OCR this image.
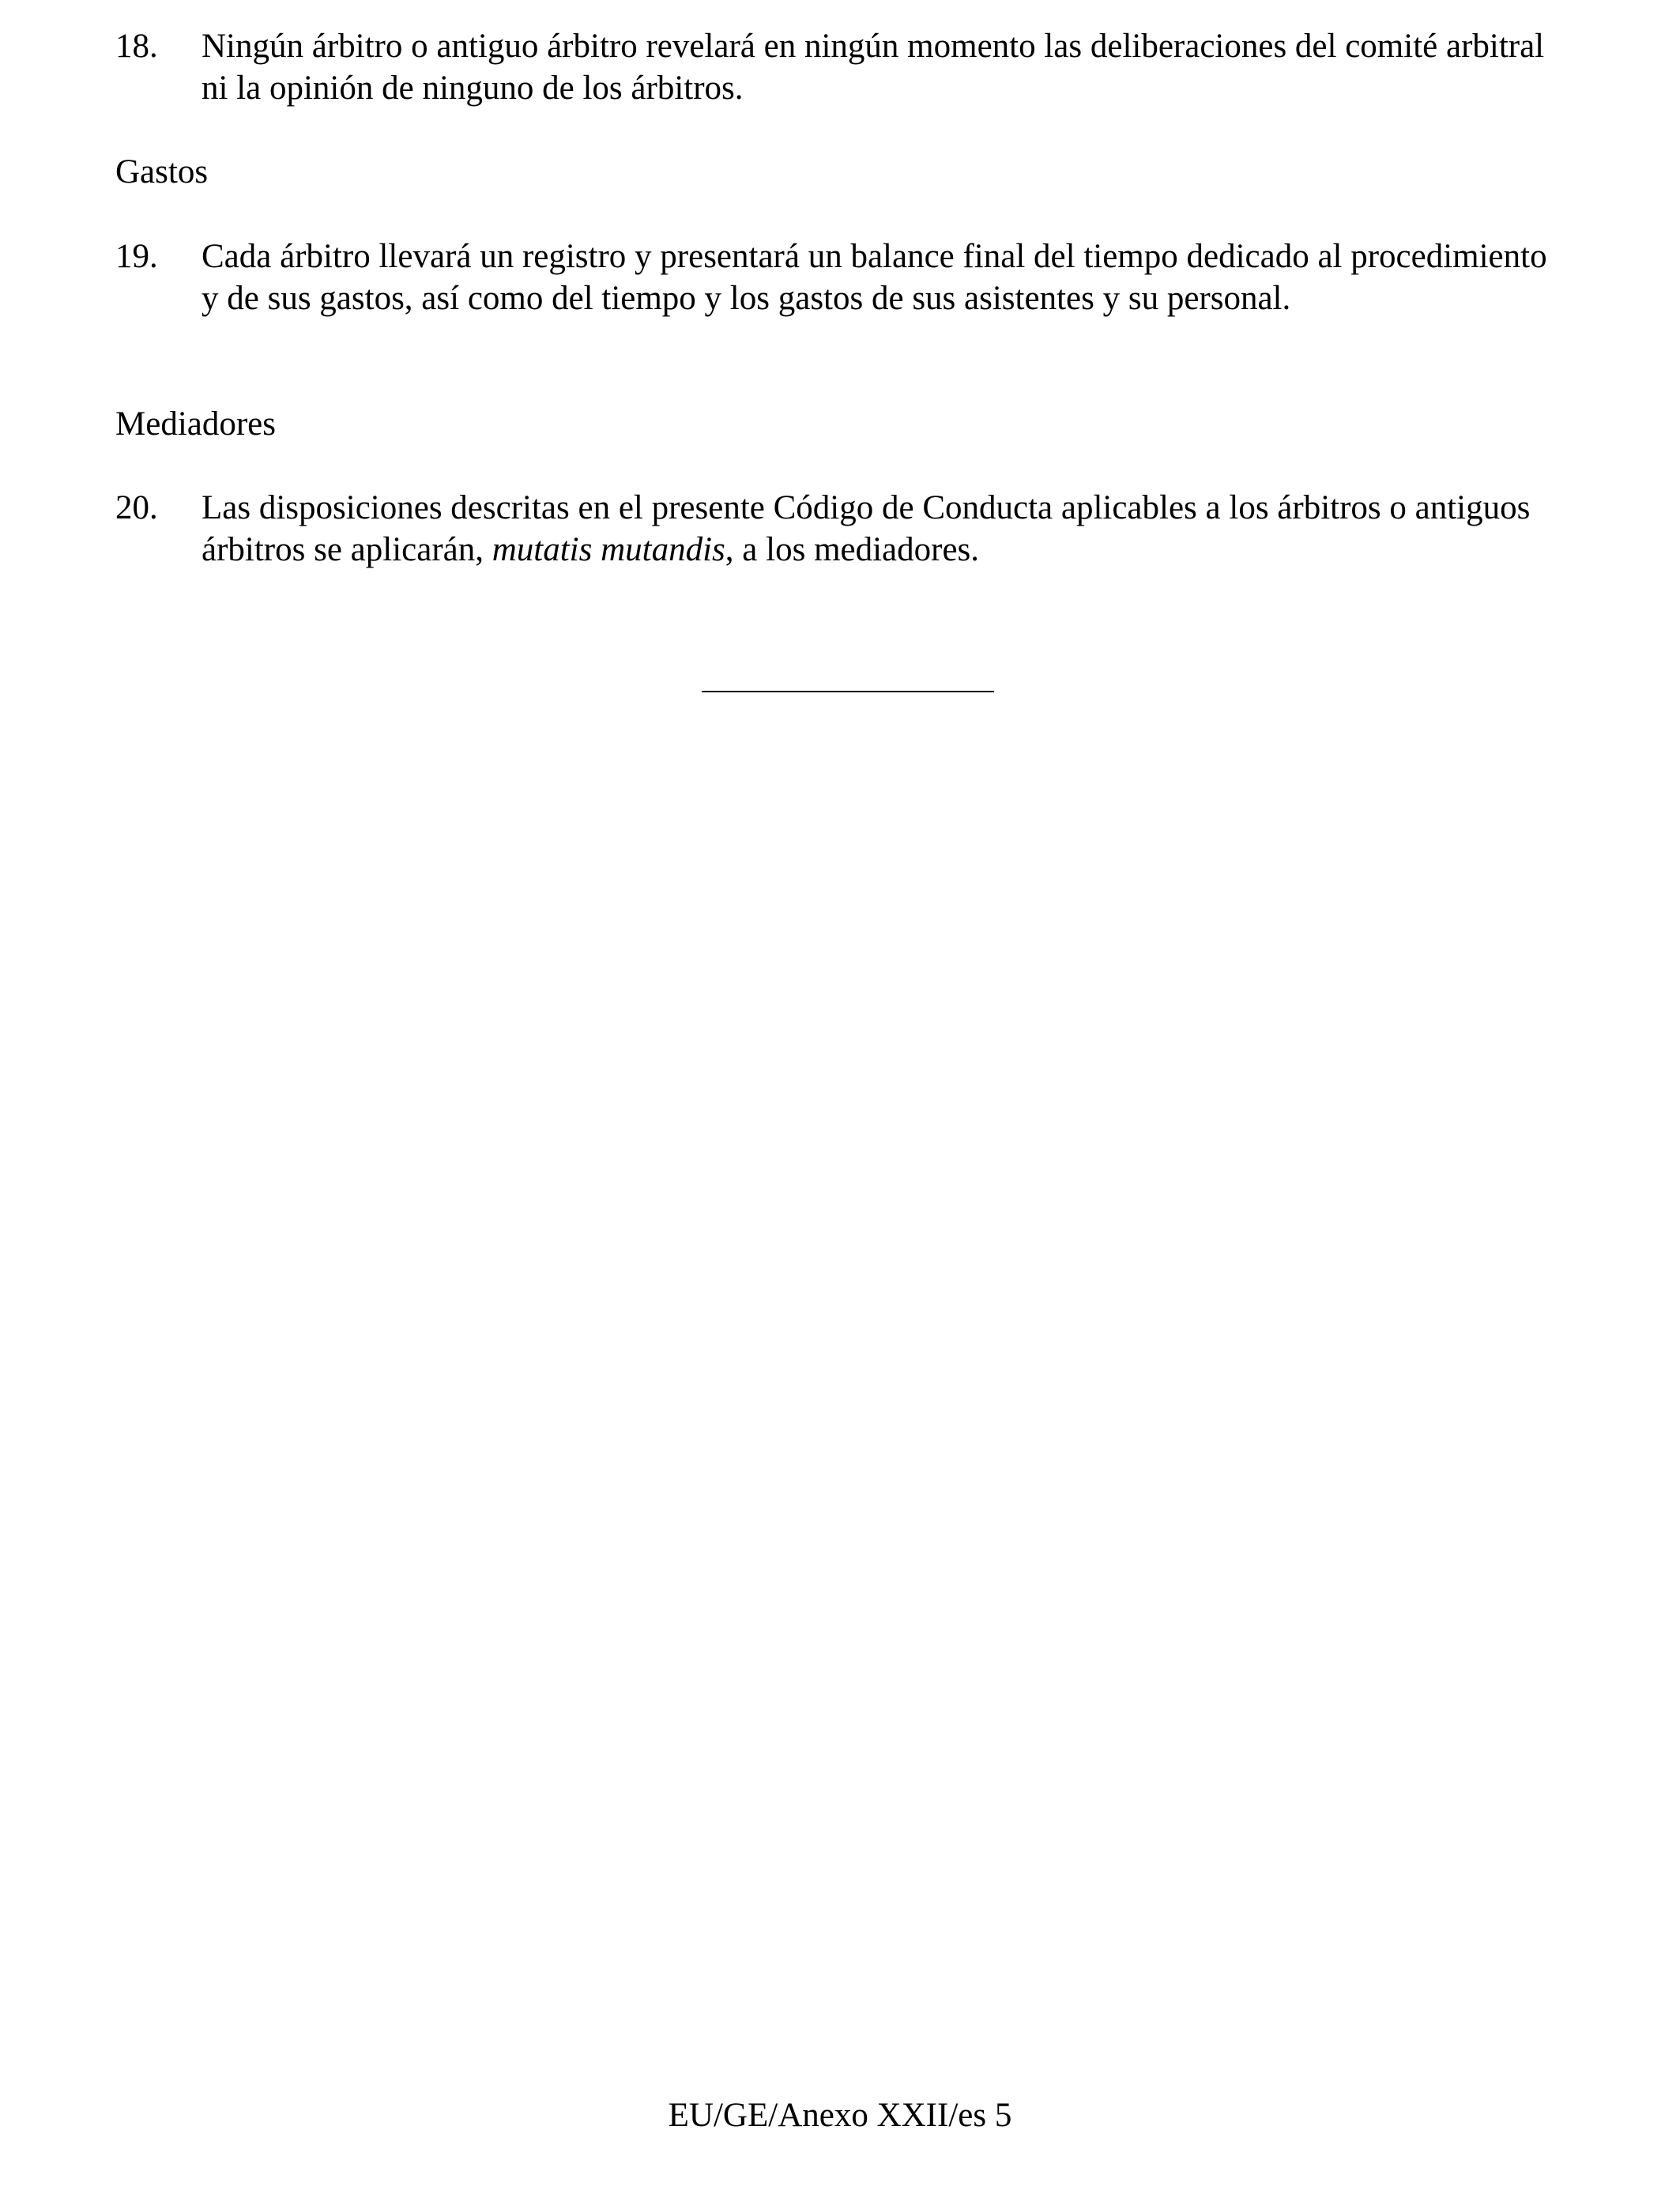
18. Ningún árbitro o antiguo árbitro revelará en ningún momento las deliberaciones del comité arbitral ni la opinión de ninguno de los árbitros.
Gastos
19. Cada árbitro llevará un registro y presentará un balance final del tiempo dedicado al procedimiento y de sus gastos, así como del tiempo y los gastos de sus asistentes y su personal.
Mediadores
20. Las disposiciones descritas en el presente Código de Conducta aplicables a los árbitros o antiguos árbitros se aplicarán, mutatis mutandis, a los mediadores.
EU/GE/Anexo XXII/es 5
